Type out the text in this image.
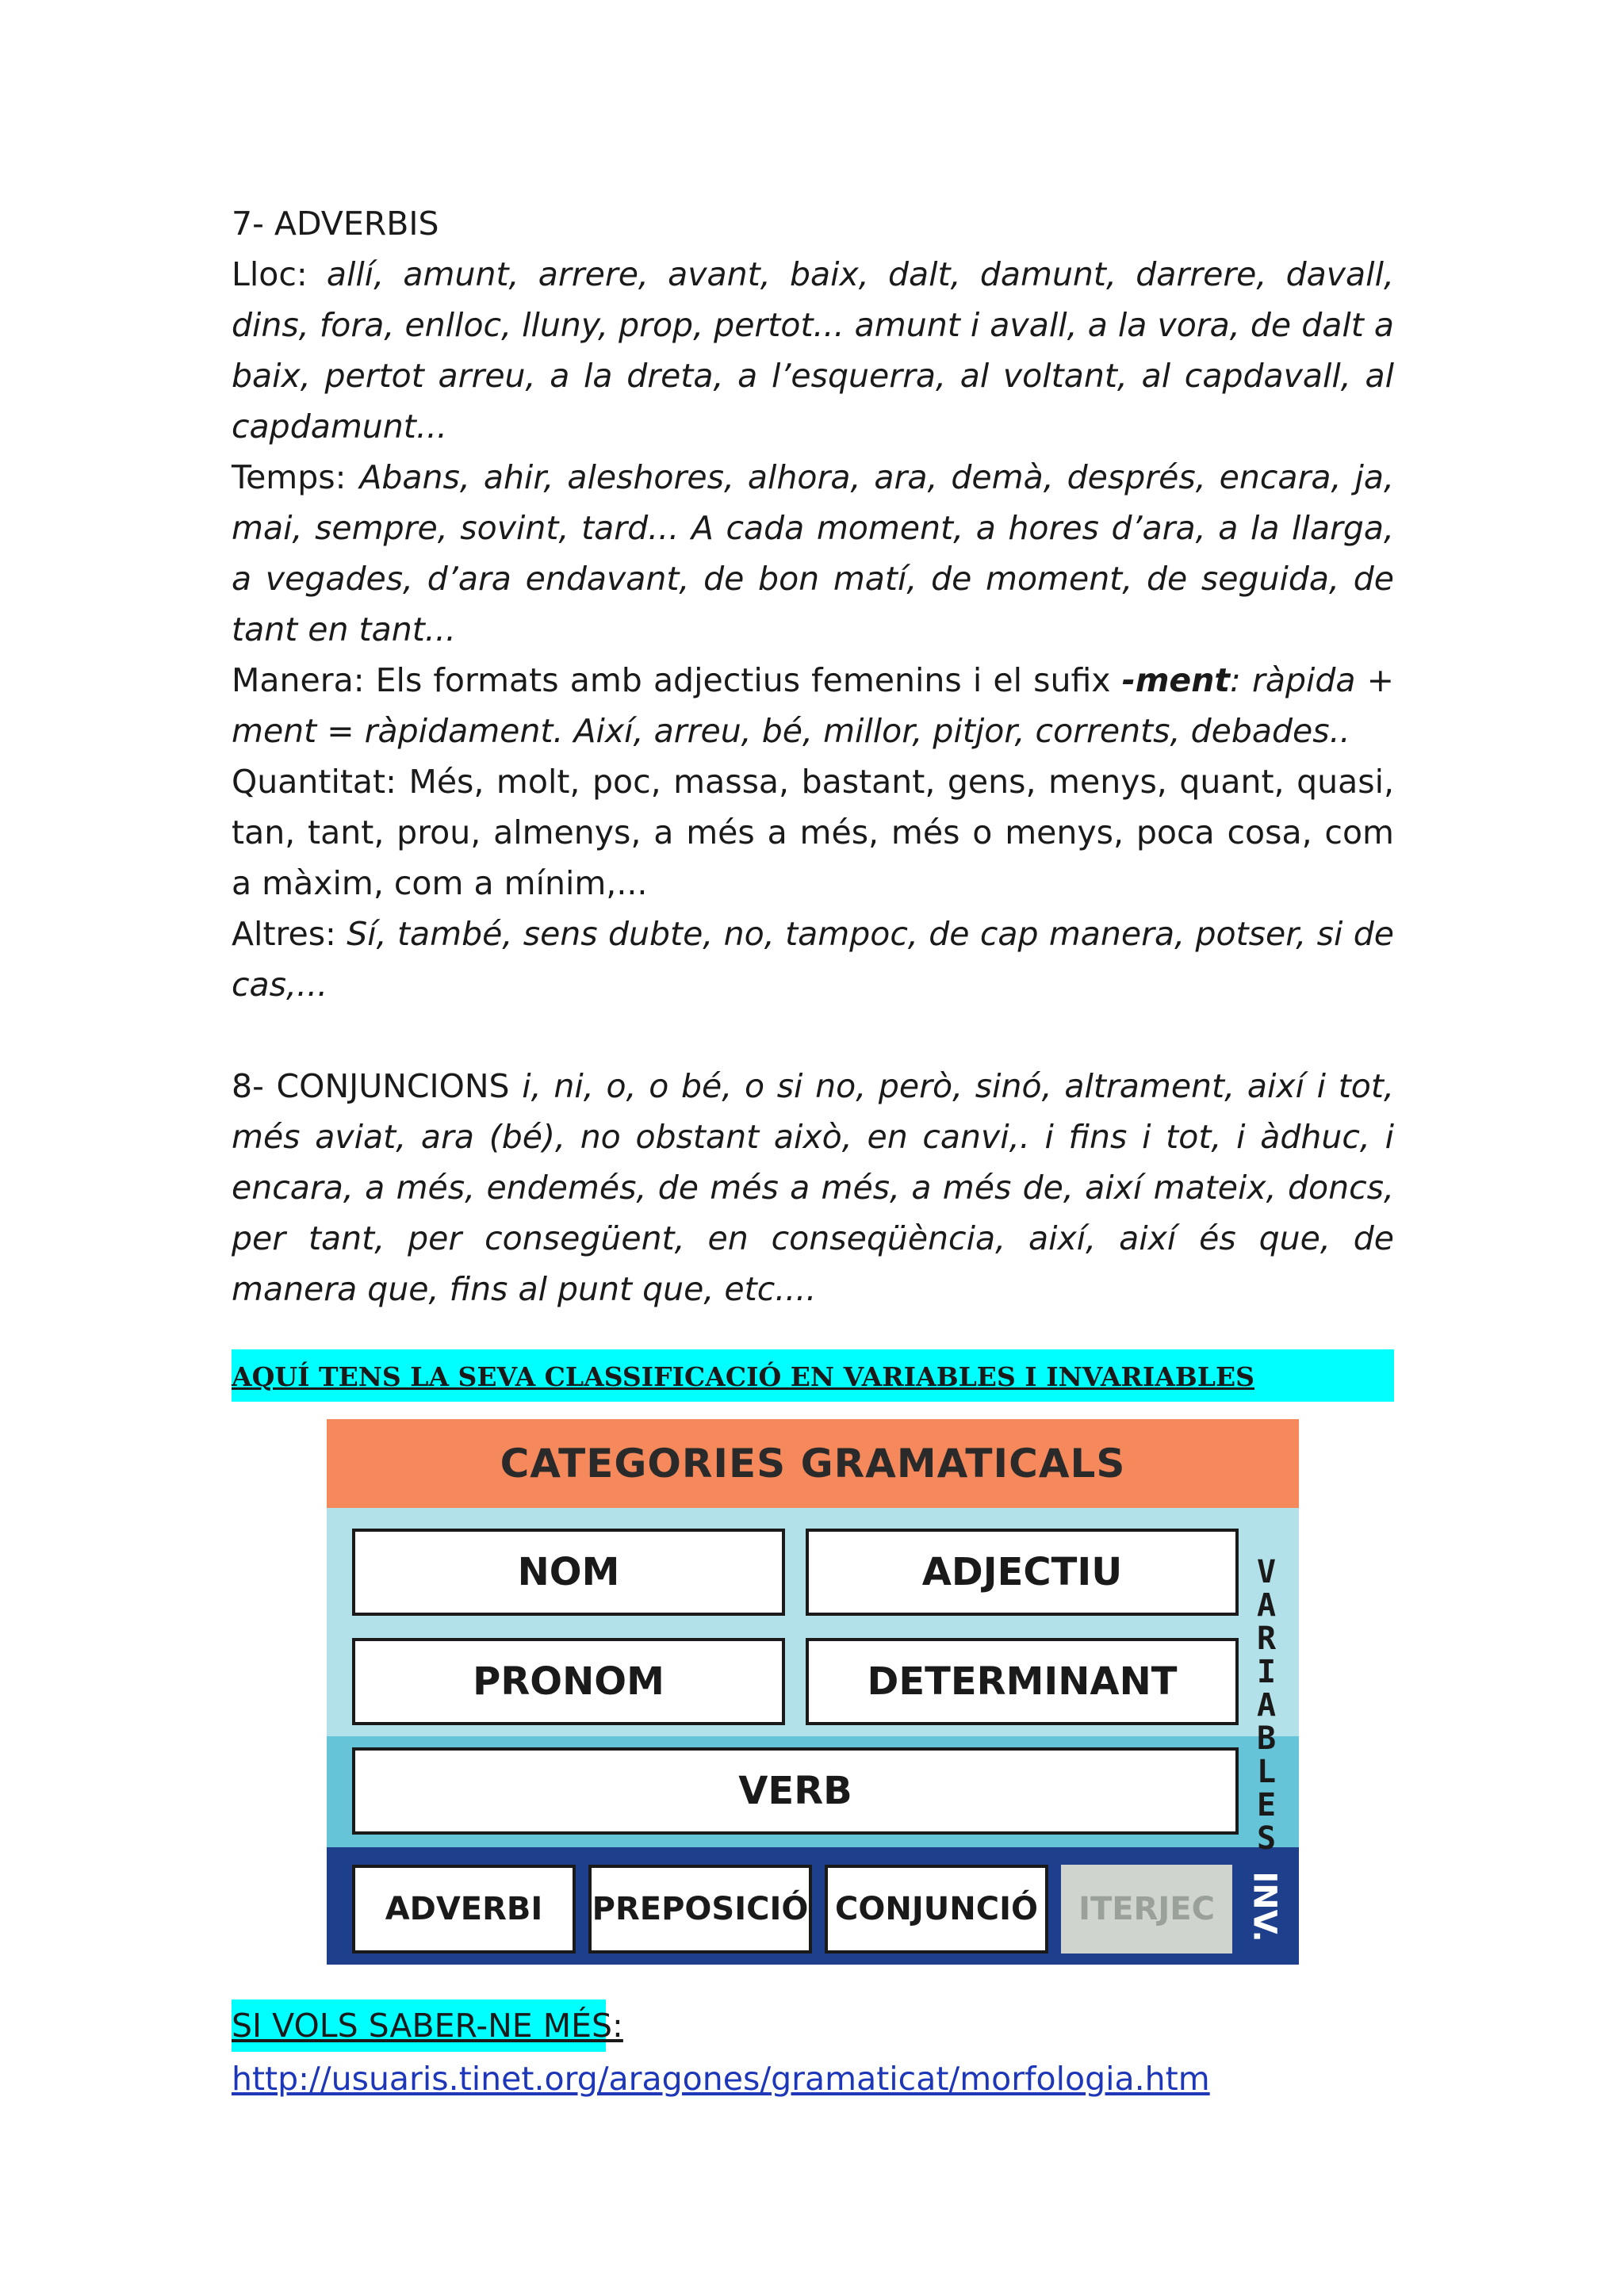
7- ADVERBIS

Lloc: allí, amunt, arrere, avant, baix, dalt, damunt, darrere, davall, dins, fora, enlloc, lluny, prop, pertot... amunt i avall, a la vora, de dalt a baix, pertot arreu, a la dreta, a l’esquerra, al voltant, al capdavall, al capdamunt...

Temps: Abans, ahir, aleshores, alhora, ara, demà, després, encara, ja, mai, sempre, sovint, tard... A cada moment, a hores d’ara, a la llarga, a vegades, d’ara endavant, de bon matí, de moment, de seguida, de tant en tant...

Manera: Els formats amb adjectius femenins i el sufix -ment: ràpida + ment = ràpidament. Així, arreu, bé, millor, pitjor, corrents, debades..

Quantitat: Més, molt, poc, massa, bastant, gens, menys, quant, quasi, tan, tant, prou, almenys, a més a més, més o menys, poca cosa, com a màxim, com a mínim,...

Altres: Sí, també, sens dubte, no, tampoc, de cap manera, potser, si de cas,...

8- CONJUNCIONS i, ni, o, o bé, o si no, però, sinó, altrament, així i tot, més aviat, ara (bé), no obstant això, en canvi,. i fins i tot, i àdhuc, i encara, a més, endemés, de més a més, a més de, així mateix, doncs, per tant, per consegüent, en conseqüència, així, així és que, de manera que, fins al punt que, etc....

AQUÍ TENS LA SEVA CLASSIFICACIÓ EN VARIABLES I INVARIABLES
CATEGORIES GRAMATICALS
NOM	ADJECTIU
PRONOM	DETERMINANT
VERB
ADVERBI	PREPOSICIÓ CONJUNCIÓ	ITERJEC
V
A
R
I
A
B
L
E
S
INV.
SI VOLS SABER-NE MÉS:
http://usuaris.tinet.org/aragones/gramaticat/morfologia.htm
